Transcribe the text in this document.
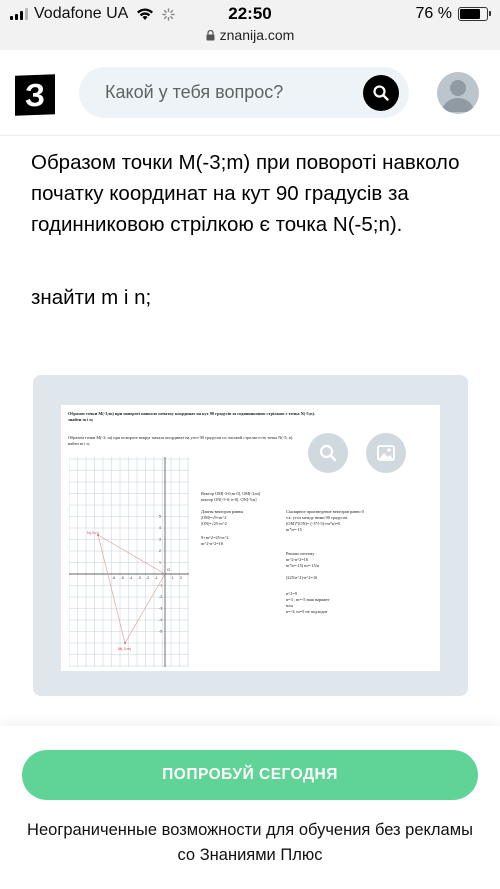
Vodafone UA	22:50	76 %
znanija.com
З	Какой у тебя вопрос?
Образом точки M(-3;m) при повороті навколо початку координат на кут 90 градусів за годинниковою стрілкою є точка N(-5;n).
знайти m і n;
Образом точки M(-3;m) при повороті навколо початку координат на кут 90 градусів за годинниковою стрілкою є точка N(-5;n).
знайти m i n;
Образом точки M(-3; m) при повороте вокруг начала координат на угол 90 градусов по часовой стрелке есть точка N(-5; n).
найти m i n;
-6 -5 -4 -3 -2 -1	1 2
5
4
3
2
1
-1
-2
-3
-4
-5
N(-5;n)
M(-3;m)
O
Вектор OM[-3-0;m-0], OM[-3;m]
вектор ON[-5-0; n-0], ON[-5;n]
Длины векторов равны
|OM|=√9+m^2
|ON|=√25+n^2
9+m^2=25+n^2
m^2-n^2=16
Скалярное произведение векторов равно 0
т.к. угол между ними 90 градусов
(OM)*(ON)= (-3*(-5)+m*n)=0
m*n=-15
Решим систему
m^2-n^2=16
m*n=-15) m=-15/n
(225/n^2)-n^2=16
n^2=9
n=3 ; m=-5 наш вариант
или
n=-3; m=5 не подходит
ПОПРОБУЙ СЕГОДНЯ
Неограниченные возможности для обучения без рекламы со Знаниями Плюс
